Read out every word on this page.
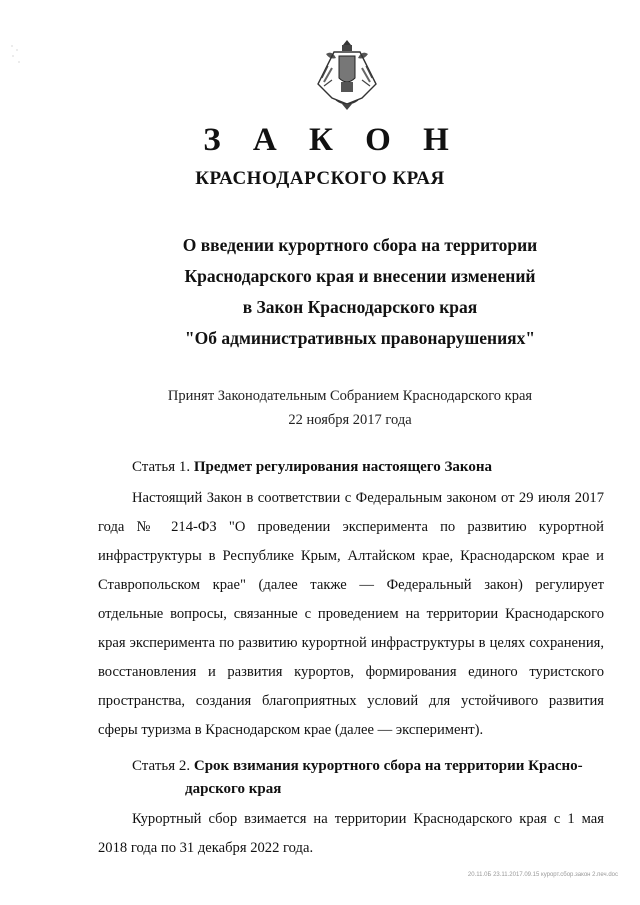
З А К О Н
КРАСНОДАРСКОГО КРАЯ
О введении курортного сбора на территории
Краснодарского края и внесении изменений
в Закон Краснодарского края
"Об административных правонарушениях"
Принят Законодательным Собранием Краснодарского края
22 ноября 2017 года
Статья 1. Предмет регулирования настоящего Закона
Настоящий Закон в соответствии с Федеральным законом от 29 июля 2017 года № 214-ФЗ "О проведении эксперимента по развитию курортной инфраструктуры в Республике Крым, Алтайском крае, Краснодарском крае и Ставропольском крае" (далее также — Федеральный закон) регулирует отдельные вопросы, связанные с проведением на территории Краснодарского края эксперимента по развитию курортной инфраструктуры в целях сохранения, восстановления и развития курортов, формирования единого туристского пространства, создания благоприятных условий для устойчивого развития сферы туризма в Краснодарском крае (далее — эксперимент).
Статья 2. Срок взимания курортного сбора на территории Красно-
дарского края
Курортный сбор взимается на территории Краснодарского края с 1 мая 2018 года по 31 декабря 2022 года.
20.11.0Б 23.11.2017.09.15 курорт.сбор.закон 2.печ.doc
